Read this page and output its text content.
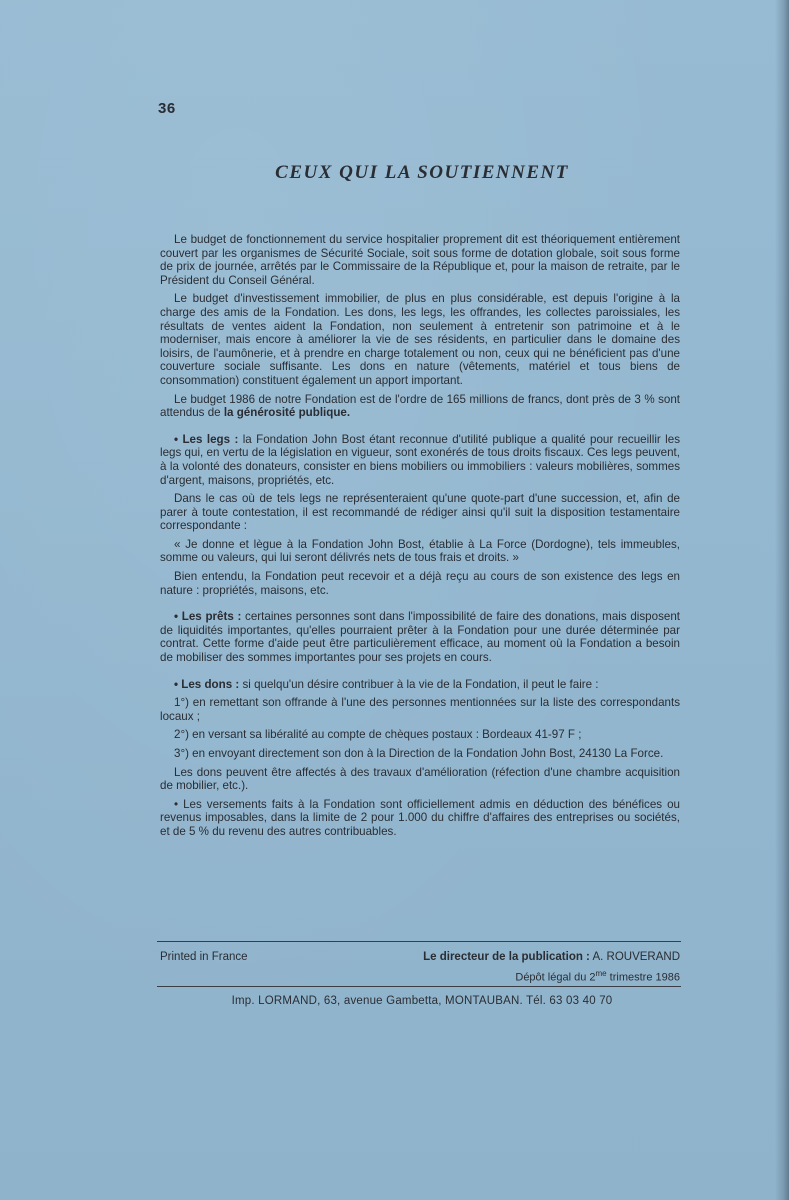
36
CEUX QUI LA SOUTIENNENT

Le budget de fonctionnement du service hospitalier proprement dit est théoriquement entièrement couvert par les organismes de Sécurité Sociale, soit sous forme de dotation globale, soit sous forme de prix de journée, arrêtés par le Commissaire de la République et, pour la maison de retraite, par le Président du Conseil Général.

Le budget d'investissement immobilier, de plus en plus considérable, est depuis l'origine à la charge des amis de la Fondation. Les dons, les legs, les offrandes, les collectes paroissiales, les résultats de ventes aident la Fondation, non seulement à entretenir son patrimoine et à le moderniser, mais encore à améliorer la vie de ses résidents, en particulier dans le domaine des loisirs, de l'aumônerie, et à prendre en charge totalement ou non, ceux qui ne bénéficient pas d'une couverture sociale suffisante. Les dons en nature (vêtements, matériel et tous biens de consommation) constituent également un apport important.

Le budget 1986 de notre Fondation est de l'ordre de 165 millions de francs, dont près de 3 % sont attendus de la générosité publique.

• Les legs : la Fondation John Bost étant reconnue d'utilité publique a qualité pour recueillir les legs qui, en vertu de la législation en vigueur, sont exonérés de tous droits fiscaux. Ces legs peuvent, à la volonté des donateurs, consister en biens mobiliers ou immobiliers : valeurs mobilières, sommes d'argent, maisons, propriétés, etc.

Dans le cas où de tels legs ne représenteraient qu'une quote-part d'une succession, et, afin de parer à toute contestation, il est recommandé de rédiger ainsi qu'il suit la disposition testamentaire correspondante :

« Je donne et lègue à la Fondation John Bost, établie à La Force (Dordogne), tels immeubles, somme ou valeurs, qui lui seront délivrés nets de tous frais et droits. »

Bien entendu, la Fondation peut recevoir et a déjà reçu au cours de son existence des legs en nature : propriétés, maisons, etc.

• Les prêts : certaines personnes sont dans l'impossibilité de faire des donations, mais disposent de liquidités importantes, qu'elles pourraient prêter à la Fondation pour une durée déterminée par contrat. Cette forme d'aide peut être particulièrement efficace, au moment où la Fondation a besoin de mobiliser des sommes importantes pour ses projets en cours.

• Les dons : si quelqu'un désire contribuer à la vie de la Fondation, il peut le faire :

1°) en remettant son offrande à l'une des personnes mentionnées sur la liste des correspondants locaux ;

2°) en versant sa libéralité au compte de chèques postaux : Bordeaux 41-97 F ;

3°) en envoyant directement son don à la Direction de la Fondation John Bost, 24130 La Force.

Les dons peuvent être affectés à des travaux d'amélioration (réfection d'une chambre acquisition de mobilier, etc.).

• Les versements faits à la Fondation sont officiellement admis en déduction des bénéfices ou revenus imposables, dans la limite de 2 pour 1.000 du chiffre d'affaires des entreprises ou sociétés, et de 5 % du revenu des autres contribuables.

Printed in France	Le directeur de la publication : A. ROUVERAND
Dépôt légal du $2^{me}$ trimestre 1986
Imp. LORMAND, 63, avenue Gambetta, MONTAUBAN. Tél. 63 03 40 70
